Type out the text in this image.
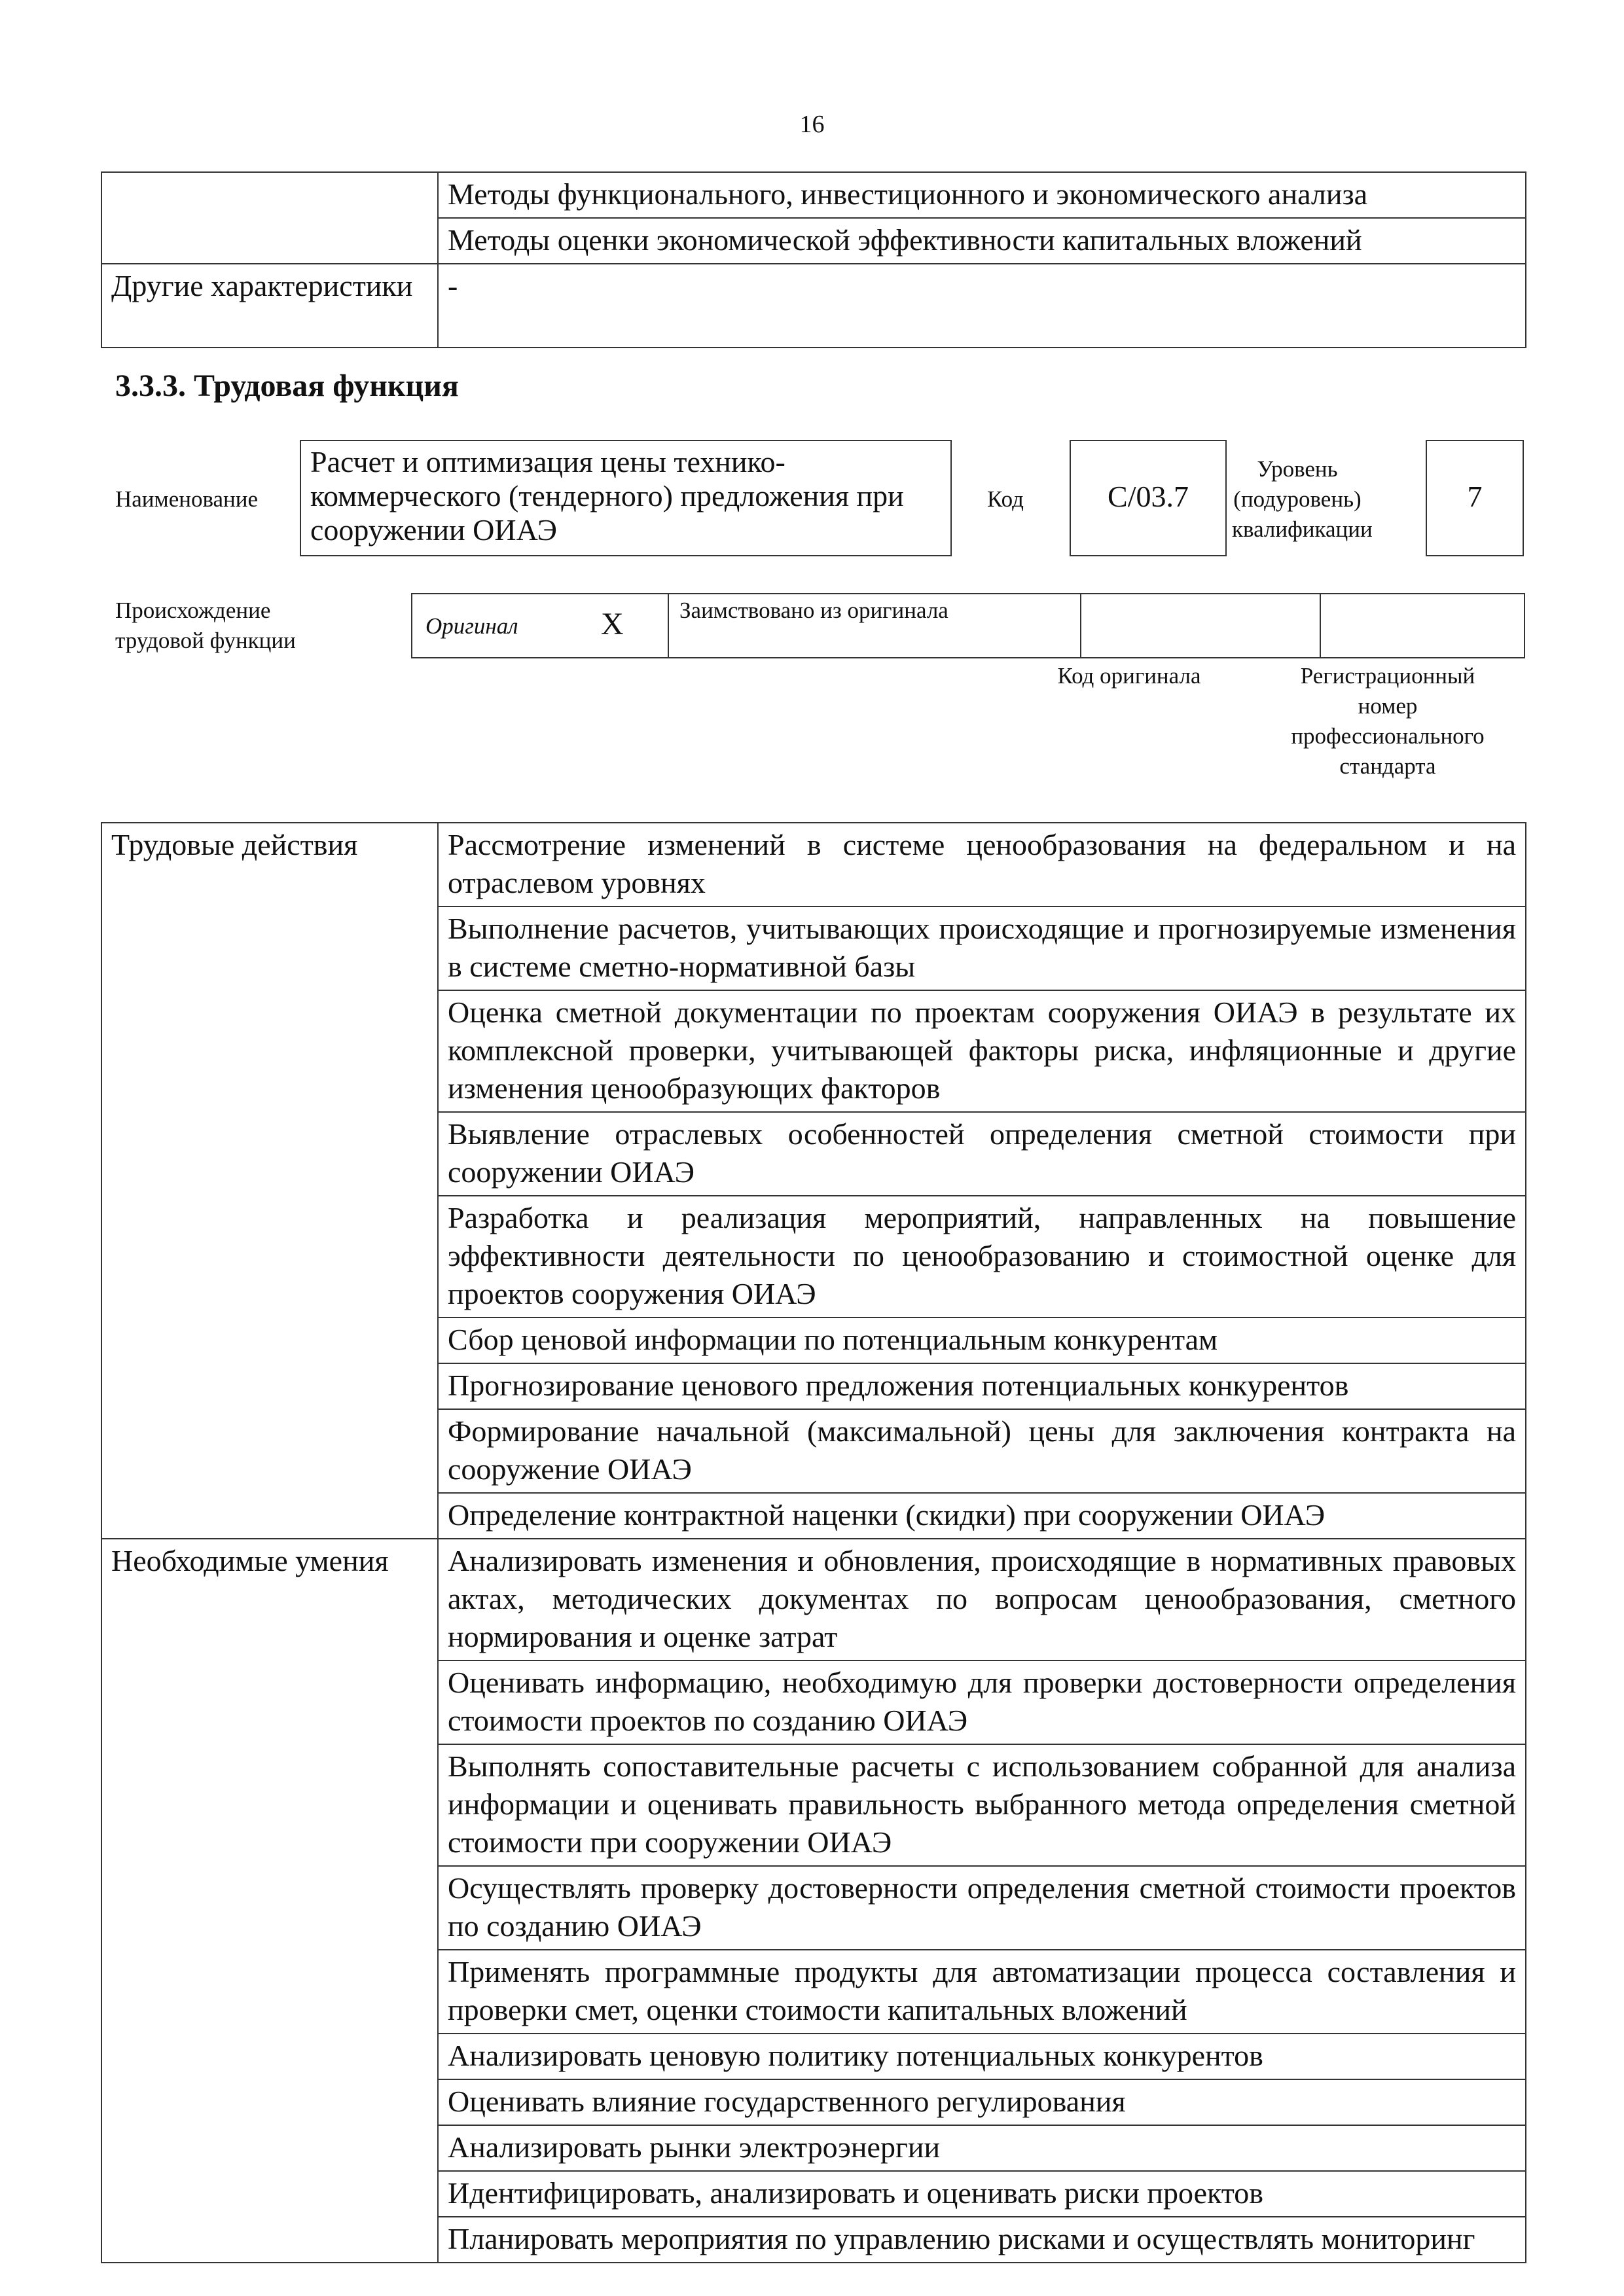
16
	Методы функционального, инвестиционного и экономического анализа
	Методы оценки экономической эффективности капитальных вложений
Другие характеристики	-
3.3.3. Трудовая функция
Наименование
Расчет и оптимизация цены технико-коммерческого (тендерного) предложения при сооружении ОИАЭ
Код	C/03.7
Уровень (подуровень) квалификации
7
Происхождение трудовой функции
Оригинал	X Заимствовано из оригинала
Код оригинала	Регистрационный номер профессионального стандарта
Трудовые действия	Рассмотрение изменений в системе ценообразования на федеральном и на отраслевом уровнях
	Выполнение расчетов, учитывающих происходящие и прогнозируемые изменения в системе сметно-нормативной базы
	Оценка сметной документации по проектам сооружения ОИАЭ в результате их комплексной проверки, учитывающей факторы риска, инфляционные и другие изменения ценообразующих факторов
	Выявление отраслевых особенностей определения сметной стоимости при сооружении ОИАЭ
	Разработка и реализация мероприятий, направленных на повышение эффективности деятельности по ценообразованию и стоимостной оценке для проектов сооружения ОИАЭ
	Сбор ценовой информации по потенциальным конкурентам
	Прогнозирование ценового предложения потенциальных конкурентов
	Формирование начальной (максимальной) цены для заключения контракта на сооружение ОИАЭ
	Определение контрактной наценки (скидки) при сооружении ОИАЭ
Необходимые умения	Анализировать изменения и обновления, происходящие в нормативных правовых актах, методических документах по вопросам ценообразования, сметного нормирования и оценке затрат
	Оценивать информацию, необходимую для проверки достоверности определения стоимости проектов по созданию ОИАЭ
	Выполнять сопоставительные расчеты с использованием собранной для анализа информации и оценивать правильность выбранного метода определения сметной стоимости при сооружении ОИАЭ
	Осуществлять проверку достоверности определения сметной стоимости проектов по созданию ОИАЭ
	Применять программные продукты для автоматизации процесса составления и проверки смет, оценки стоимости капитальных вложений
	Анализировать ценовую политику потенциальных конкурентов
	Оценивать влияние государственного регулирования
	Анализировать рынки электроэнергии
	Идентифицировать, анализировать и оценивать риски проектов
	Планировать мероприятия по управлению рисками и осуществлять мониторинг
